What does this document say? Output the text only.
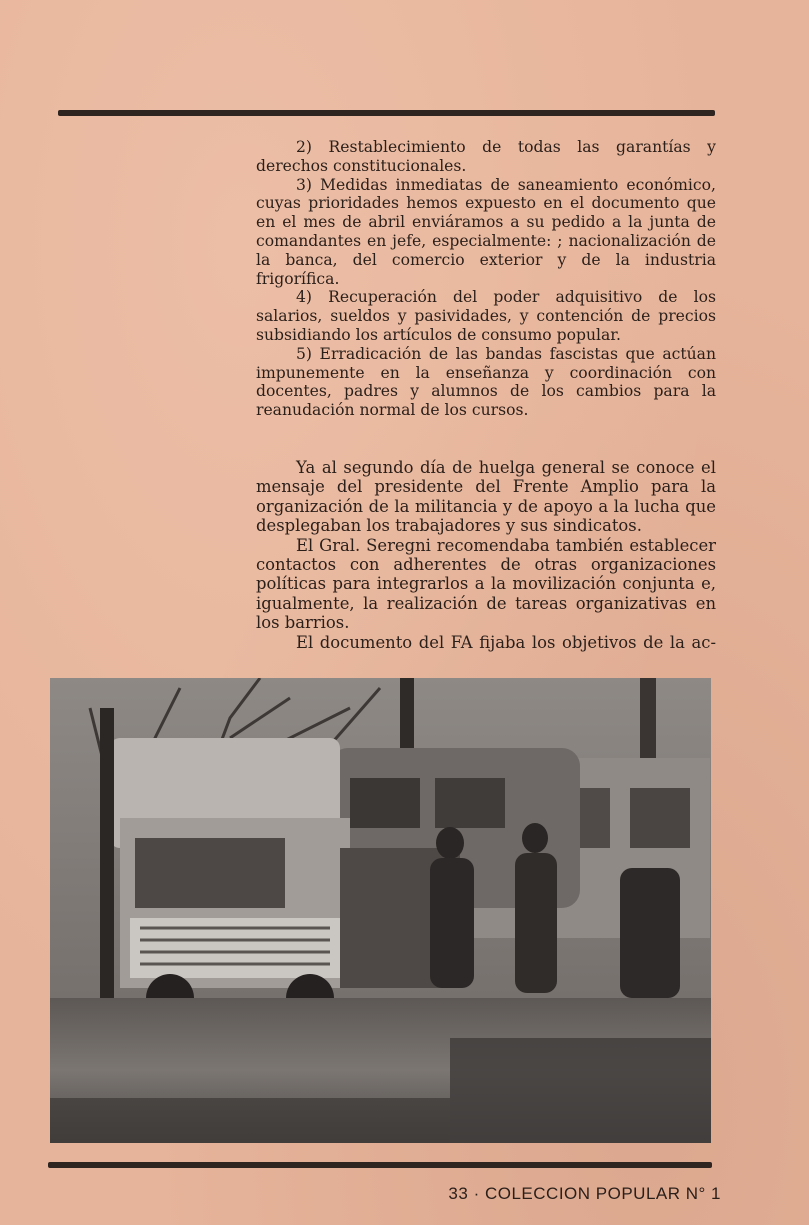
2) Restablecimiento de todas las garantías y derechos constitucionales.

3) Medidas inmediatas de saneamiento económico, cuyas prioridades hemos expuesto en el documento que en el mes de abril enviáramos a su pedido a la junta de comandantes en jefe, especialmente: ; nacionalización de la banca, del comercio exterior y de la industria frigorífica.

4) Recuperación del poder adquisitivo de los salarios, sueldos y pasividades, y contención de precios subsidiando los artículos de consumo popular.

5) Erradicación de las bandas fascistas que actúan impunemente en la enseñanza y coordinación con docentes, padres y alumnos de los cambios para la reanudación normal de los cursos.

Ya al segundo día de huelga general se conoce el mensaje del presidente del Frente Amplio para la organización de la militancia y de apoyo a la lucha que desplegaban los trabajadores y sus sindicatos.

El Gral. Seregni recomendaba también establecer contactos con adherentes de otras organizaciones políticas para integrarlos a la movilización conjunta e, igualmente, la realización de tareas organizativas en los barrios.

El documento del FA fijaba los objetivos de la ac-

33 · COLECCION POPULAR N° 1
